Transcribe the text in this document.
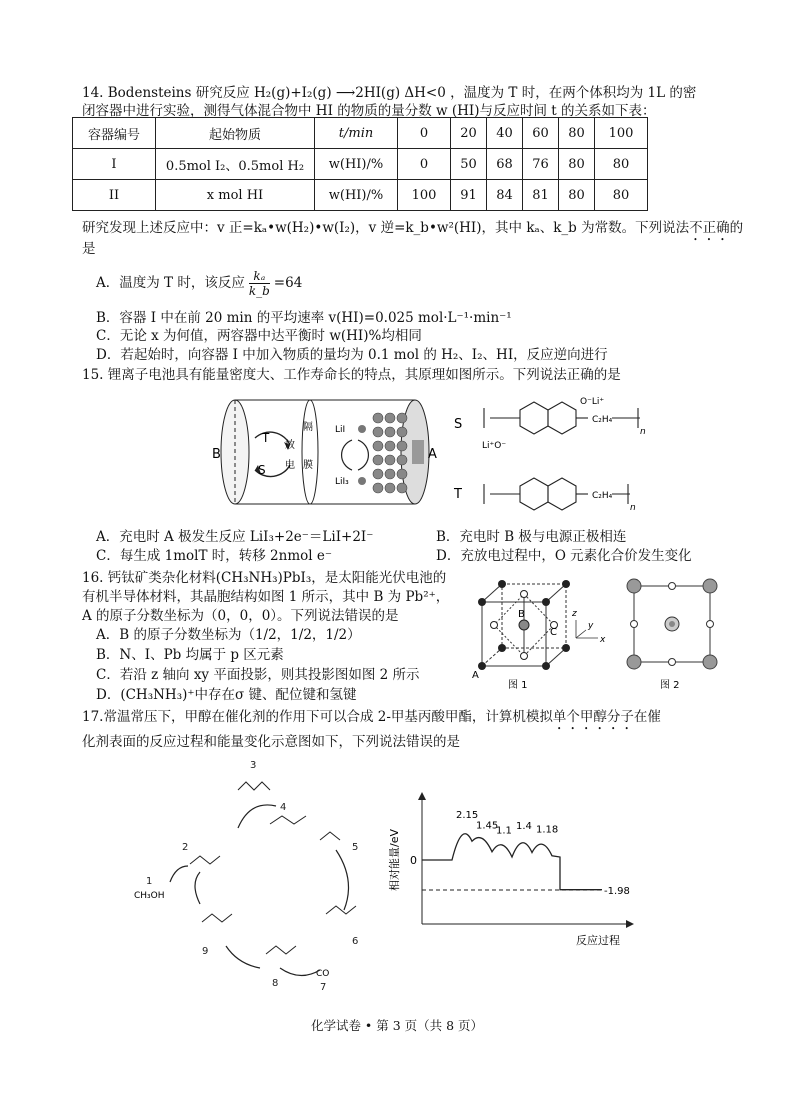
14. Bodensteins 研究反应 H₂(g)+I₂(g) ⟶2HI(g) ΔH<0 ，温度为 T 时，在两个体积均为 1L 的密
闭容器中进行实验，测得气体混合物中 HI 的物质的量分数 w (HI)与反应时间 t 的关系如下表：
容器编号	起始物质	t/min	0	20	40	60	80	100
I	0.5mol I₂、0.5mol H₂	w(HI)/%	0	50	68	76	80	80
II	x mol HI	w(HI)/%	100	91	84	81	80	80
研究发现上述反应中：v 正=kₐ•w(H₂)•w(I₂)，v 逆=k_b•w²(HI)，其中 kₐ、k_b 为常数。下列说法不正确的
是
A．温度为 T 时，该反应 $\frac{\text{kₐ}}{k\_b} =64$
B．容器 I 中在前 20 min 的平均速率 v(HI)=0.025 mol·L⁻¹·min⁻¹
C．无论 x 为何值，两容器中达平衡时 w(HI)%均相同
D．若起始时，向容器 I 中加入物质的量均为 0.1 mol 的 H₂、I₂、HI，反应逆向进行
15. 锂离子电池具有能量密度大、工作寿命长的特点，其原理如图所示。下列说法正确的是
隔
膜
T
S
放
电
B	A
LiI
LiI₃
S
O⁻Li⁺
Li⁺O⁻
C₂H₄
n
T	C₂H₄
n
A．充电时 A 极发生反应 LiI₃+2e⁻＝LiI+2I⁻	B．充电时 B 极与电源正极相连
C．每生成 1molT 时，转移 2nmol e⁻	D．充放电过程中，O 元素化合价发生变化
16. 钙钛矿类杂化材料(CH₃NH₃)PbI₃，是太阳能光伏电池的
有机半导体材料，其晶胞结构如图 1 所示，其中 B 为 Pb²⁺，
A 的原子分数坐标为（0，0，0）。下列说法错误的是
A．B 的原子分数坐标为（1/2，1/2，1/2）
B．N、I、Pb 均属于 p 区元素
C．若沿 z 轴向 xy 平面投影，则其投影图如图 2 所示
D．(CH₃NH₃)⁺中存在σ 键、配位键和氢键
B
C
A
z
y
x
图 1	图 2
17.常温常压下，甲醇在催化剂的作用下可以合成 2-甲基丙酸甲酯，计算机模拟单个甲醇分子在催
化剂表面的反应过程和能量变化示意图如下，下列说法错误的是
3
4
5
6
7
8
9
2
1
CH₃OH
CO
2.15
1.45
1.1 1.4 1.18
0
-1.98
相对能量/eV
反应过程
化学试卷 • 第 3 页（共 8 页）
